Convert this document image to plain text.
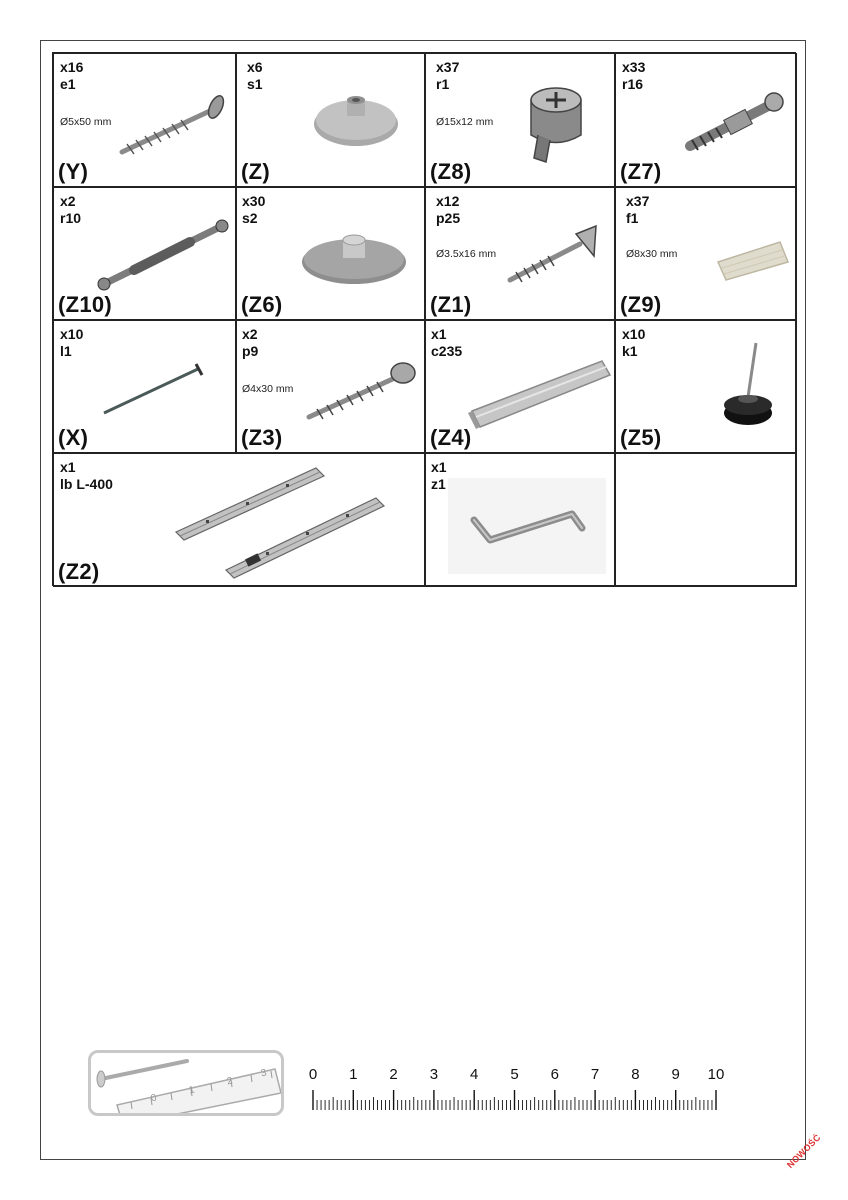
x16
e1
Ø5x50 mm
(Y)
x6
s1
(Z)
x37
r1
Ø15x12 mm
(Z8)
x33
r16
(Z7)
x2
r10
(Z10)
x30
s2
(Z6)
x12
p25
Ø3.5x16 mm
(Z1)
x37
f1
Ø8x30 mm
(Z9)
x10
l1
(X)
x2
p9
Ø4x30 mm
(Z3)
x1
c235
(Z4)
x10
k1
(Z5)
x1
lb L-400
(Z2)
x1
z1
0
1
2
3	0 1 2 3 4 5 6 7 8 9 10
NOWOŚĆ
